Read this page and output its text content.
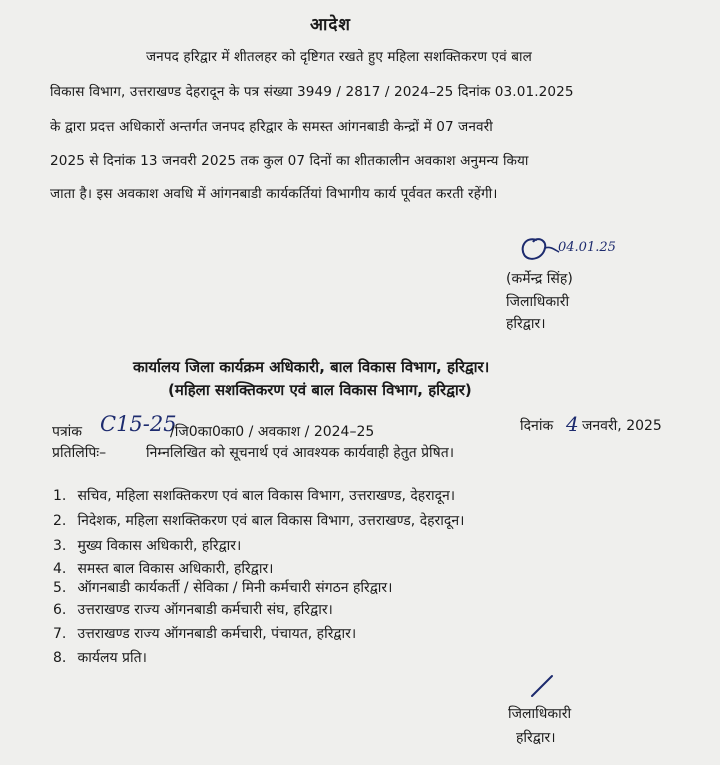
आदेश
जनपद हरिद्वार में शीतलहर को दृष्टिगत रखते हुए महिला सशक्तिकरण एवं बाल
विकास विभाग, उत्तराखण्ड देहरादून के पत्र संख्या 3949 / 2817 / 2024–25 दिनांक 03.01.2025
के द्वारा प्रदत्त अधिकारों अन्तर्गत जनपद हरिद्वार के समस्त आंगनबाडी केन्द्रों में 07 जनवरी
2025 से दिनांक 13 जनवरी 2025 तक कुल 07 दिनों का शीतकालीन अवकाश अनुमन्य किया
जाता है। इस अवकाश अवधि में आंगनबाडी कार्यकर्तियां विभागीय कार्य पूर्ववत करती रहेंगी।
04.01.25
(कर्मेन्द्र सिंह)
जिलाधिकारी
हरिद्वार।
कार्यालय जिला कार्यक्रम अधिकारी, बाल विकास विभाग, हरिद्वार।
(महिला सशक्तिकरण एवं बाल विकास विभाग, हरिद्वार)
पत्रांक C15-25
/जि0का0का0 / अवकाश / 2024–25	दिनांक 4 जनवरी, 2025
प्रतिलिपिः–	निम्नलिखित को सूचनार्थ एवं आवश्यक कार्यवाही हेतुत प्रेषित।
1. सचिव, महिला सशक्तिकरण एवं बाल विकास विभाग, उत्तराखण्ड, देहरादून।
2. निदेशक, महिला सशक्तिकरण एवं बाल विकास विभाग, उत्तराखण्ड, देहरादून।
3. मुख्य विकास अधिकारी, हरिद्वार।
4. समस्त बाल विकास अधिकारी, हरिद्वार।
5. ऑगनबाडी कार्यकर्ती / सेविका / मिनी कर्मचारी संगठन हरिद्वार।
6. उत्तराखण्ड राज्य ऑगनबाडी कर्मचारी संघ, हरिद्वार।
7. उत्तराखण्ड राज्य ऑगनबाडी कर्मचारी, पंचायत, हरिद्वार।
8. कार्यलय प्रति।
जिलाधिकारी
हरिद्वार।
